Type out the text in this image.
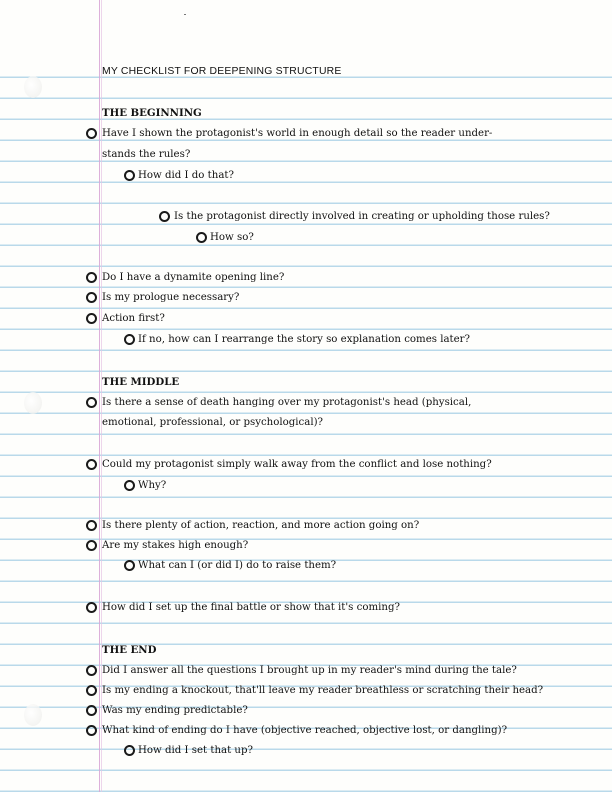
MY CHECKLIST FOR DEEPENING STRUCTURE
THE BEGINNING
Have I shown the protagonist's world in enough detail so the reader under-
stands the rules?
How did I do that?
Is the protagonist directly involved in creating or upholding those rules?
How so?
Do I have a dynamite opening line?
Is my prologue necessary?
Action first?
If no, how can I rearrange the story so explanation comes later?
THE MIDDLE
Is there a sense of death hanging over my protagonist's head (physical,
emotional, professional, or psychological)?
Could my protagonist simply walk away from the conflict and lose nothing?
Why?
Is there plenty of action, reaction, and more action going on?
Are my stakes high enough?
What can I (or did I) do to raise them?
How did I set up the final battle or show that it's coming?
THE END
Did I answer all the questions I brought up in my reader's mind during the tale?
Is my ending a knockout, that'll leave my reader breathless or scratching their head?
Was my ending predictable?
What kind of ending do I have (objective reached, objective lost, or dangling)?
How did I set that up?
